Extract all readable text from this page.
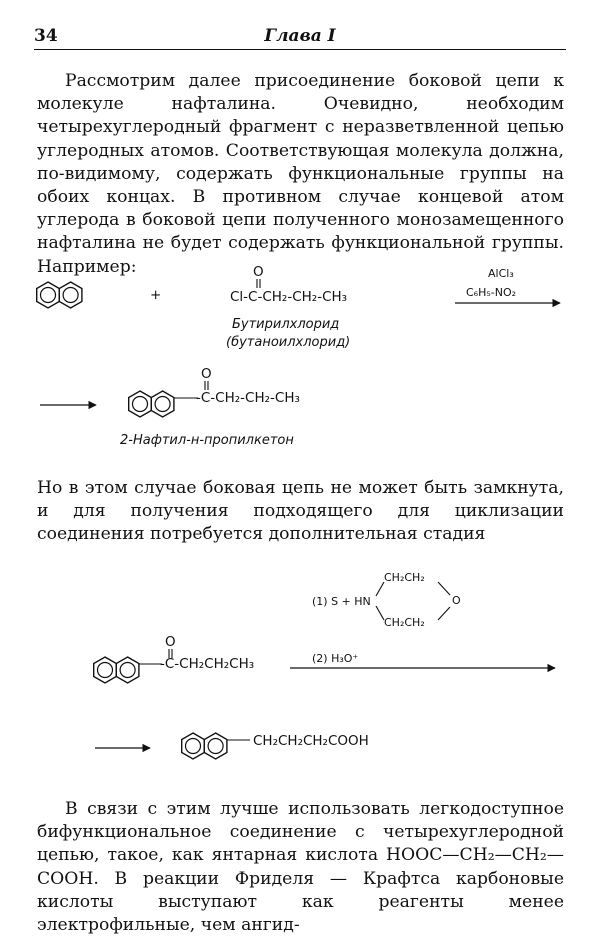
34	Глава I

Рассмотрим далее присоединение боковой цепи к молекуле нафталина. Очевидно, необходим четырехуглеродный фрагмент с неразветвленной цепью углеродных атомов. Соответствующая молекула должна, по-видимому, содержать функциональные группы на обоих концах. В противном случае концевой атом углерода в боковой цепи полученного монозамещенного нафталина не будет содержать функциональной группы. Например:

+
O
Cl-C-CH₂-CH₂-CH₃
Бутирилхлорид
(бутаноилхлорид)
AlCl₃
C₆H₅-NO₂
O
-C-CH₂-CH₂-CH₃
2-Нафтил-н-пропилкетон
(1) S + HN
CH₂CH₂
O
CH₂CH₂
(2) H₃O⁺
O
-C-CH₂CH₂CH₃
CH₂CH₂CH₂COOH

Но в этом случае боковая цепь не может быть замкнута, и для получения подходящего для циклизации соединения потребуется дополнительная стадия

В связи с этим лучше использовать легкодоступное бифункциональное соединение с четырехуглеродной цепью, такое, как янтарная кислота HOOC—CH₂—CH₂—COOH. В реакции Фриделя — Крафтса карбоновые кислоты выступают как реагенты менее электрофильные, чем ангид-
